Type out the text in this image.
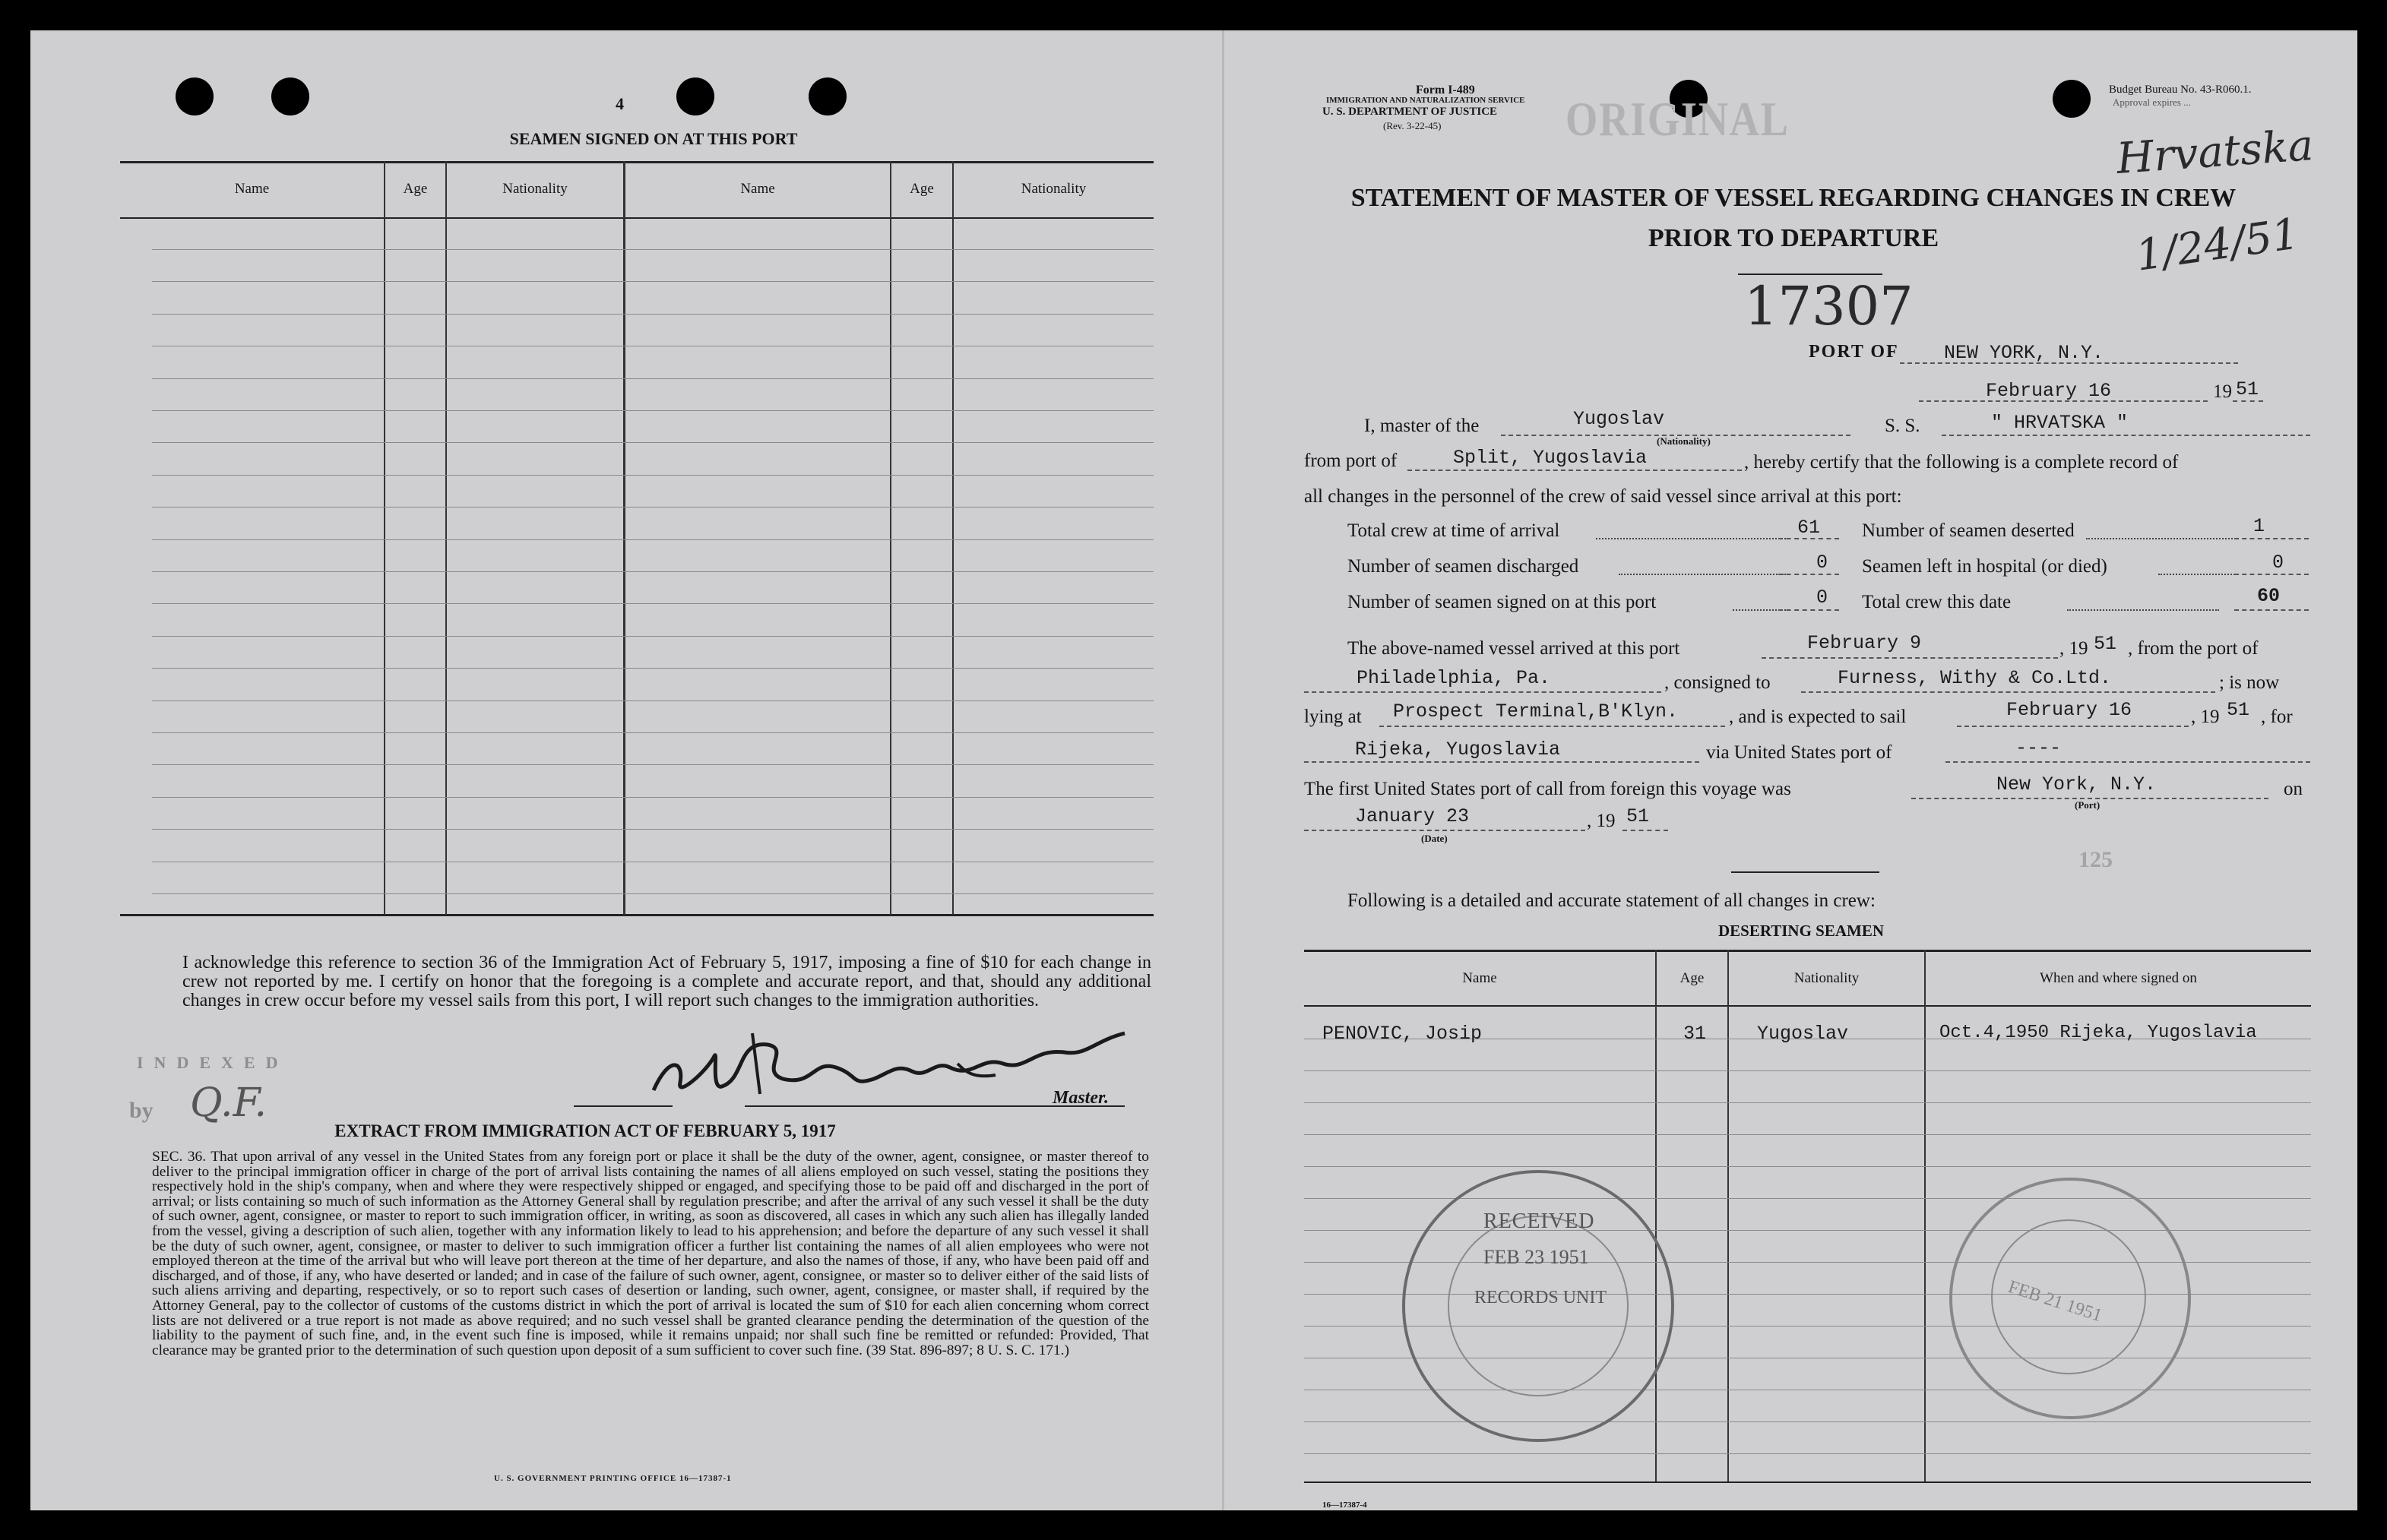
4
SEAMEN SIGNED ON AT THIS PORT
Name	Age	Nationality	Name	Age	Nationality
I acknowledge this reference to section 36 of the Immigration Act of February 5, 1917, imposing a fine of $10 for each change in crew not reported by me. I certify on honor that the foregoing is a complete and accurate report, and that, should any additional changes in crew occur before my vessel sails from this port, I will report such changes to the immigration authorities.
INDEXED
by Q.F.	Master.
EXTRACT FROM IMMIGRATION ACT OF FEBRUARY 5, 1917
SEC. 36. That upon arrival of any vessel in the United States from any foreign port or place it shall be the duty of the owner, agent, consignee, or master thereof to deliver to the principal immigration officer in charge of the port of arrival lists containing the names of all aliens employed on such vessel, stating the positions they respectively hold in the ship's company, when and where they were respectively shipped or engaged, and specifying those to be paid off and discharged in the port of arrival; or lists containing so much of such information as the Attorney General shall by regulation prescribe; and after the arrival of any such vessel it shall be the duty of such owner, agent, consignee, or master to report to such immigration officer, in writing, as soon as discovered, all cases in which any such alien has illegally landed from the vessel, giving a description of such alien, together with any information likely to lead to his apprehension; and before the departure of any such vessel it shall be the duty of such owner, agent, consignee, or master to deliver to such immigration officer a further list containing the names of all alien employees who were not employed thereon at the time of the arrival but who will leave port thereon at the time of her departure, and also the names of those, if any, who have been paid off and discharged, and of those, if any, who have deserted or landed; and in case of the failure of such owner, agent, consignee, or master so to deliver either of the said lists of such aliens arriving and departing, respectively, or so to report such cases of desertion or landing, such owner, agent, consignee, or master shall, if required by the Attorney General, pay to the collector of customs of the customs district in which the port of arrival is located the sum of $10 for each alien concerning whom correct lists are not delivered or a true report is not made as above required; and no such vessel shall be granted clearance pending the determination of the question of the liability to the payment of such fine, and, in the event such fine is imposed, while it remains unpaid; nor shall such fine be remitted or refunded: Provided, That clearance may be granted prior to the determination of such question upon deposit of a sum sufficient to cover such fine. (39 Stat. 896-897; 8 U. S. C. 171.)
U. S. GOVERNMENT PRINTING OFFICE 16—17387-1
Form I-489
IMMIGRATION AND NATURALIZATION SERVICE
U. S. DEPARTMENT OF JUSTICE
(Rev. 3-22-45)	ORIGINAL
Budget Bureau No. 43-R060.1.
Approval expires ...
Hrvatska
1/24/51
STATEMENT OF MASTER OF VESSEL REGARDING CHANGES IN CREW
PRIOR TO DEPARTURE
17307
PORT OF NEW YORK, N.Y.
February 16	19 51
I, master of the	Yugoslav
(Nationality)
S. S.	" HRVATSKA "
from port of	Split, Yugoslavia	, hereby certify that the following is a complete record of
all changes in the personnel of the crew of said vessel since arrival at this port:
Total crew at time of arrival	61
Number of seamen discharged	0
Number of seamen signed on at this port	0
Number of seamen deserted	1
Seamen left in hospital (or died)	0
Total crew this date	60
The above-named vessel arrived at this port	February 9	, 19 51 , from the port of
Philadelphia, Pa.	, consigned to	Furness, Withy & Co.Ltd.	; is now
lying at Prospect Terminal,B'Klyn.	, and is expected to sail	February 16	, 19 51 , for
Rijeka, Yugoslavia	via United States port of	----
The first United States port of call from foreign this voyage was	New York, N.Y.
(Port)
on
January 23
(Date)
, 19 51
125
Following is a detailed and accurate statement of all changes in crew:
DESERTING SEAMEN
Name	Age	Nationality	When and where signed on
PENOVIC, Josip	31	Yugoslav	Oct.4,1950 Rijeka, Yugoslavia
RECEIVED
FEB 23 1951
RECORDS UNIT	FEB 21 1951
16—17387-4
